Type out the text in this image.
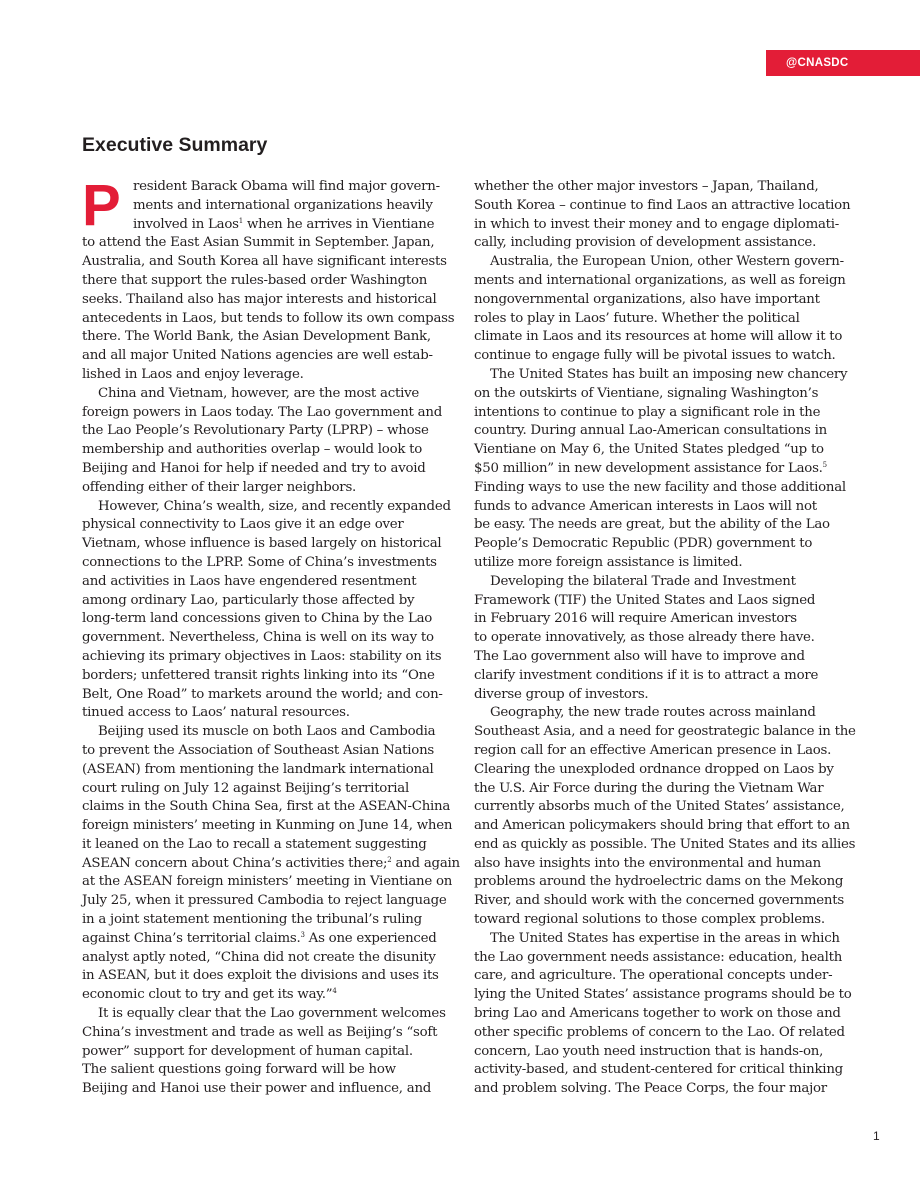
@CNASDC
Executive Summary
P resident Barack Obama will find major govern-
ments and international organizations heavily
involved in Laos$^1$ when he arrives in Vientiane
to attend the East Asian Summit in September. Japan,
Australia, and South Korea all have significant interests
there that support the rules-based order Washington
seeks. Thailand also has major interests and historical
antecedents in Laos, but tends to follow its own compass
there. The World Bank, the Asian Development Bank,
and all major United Nations agencies are well estab-
lished in Laos and enjoy leverage.
China and Vietnam, however, are the most active
foreign powers in Laos today. The Lao government and
the Lao People’s Revolutionary Party (LPRP) – whose
membership and authorities overlap – would look to
Beijing and Hanoi for help if needed and try to avoid
offending either of their larger neighbors.
However, China’s wealth, size, and recently expanded
physical connectivity to Laos give it an edge over
Vietnam, whose influence is based largely on historical
connections to the LPRP. Some of China’s investments
and activities in Laos have engendered resentment
among ordinary Lao, particularly those affected by
long-term land concessions given to China by the Lao
government. Nevertheless, China is well on its way to
achieving its primary objectives in Laos: stability on its
borders; unfettered transit rights linking into its “One
Belt, One Road” to markets around the world; and con-
tinued access to Laos’ natural resources.
Beijing used its muscle on both Laos and Cambodia
to prevent the Association of Southeast Asian Nations
(ASEAN) from mentioning the landmark international
court ruling on July 12 against Beijing’s territorial
claims in the South China Sea, first at the ASEAN-China
foreign ministers’ meeting in Kunming on June 14, when
it leaned on the Lao to recall a statement suggesting
ASEAN concern about China’s activities there;$^2$ and again
at the ASEAN foreign ministers’ meeting in Vientiane on
July 25, when it pressured Cambodia to reject language
in a joint statement mentioning the tribunal’s ruling
against China’s territorial claims.$^3$ As one experienced
analyst aptly noted, “China did not create the disunity
in ASEAN, but it does exploit the divisions and uses its
economic clout to try and get its way.”$^4$
It is equally clear that the Lao government welcomes
China’s investment and trade as well as Beijing’s “soft
power” support for development of human capital.
The salient questions going forward will be how
Beijing and Hanoi use their power and influence, and
whether the other major investors – Japan, Thailand,
South Korea – continue to find Laos an attractive location
in which to invest their money and to engage diplomati-
cally, including provision of development assistance.
Australia, the European Union, other Western govern-
ments and international organizations, as well as foreign
nongovernmental organizations, also have important
roles to play in Laos’ future. Whether the political
climate in Laos and its resources at home will allow it to
continue to engage fully will be pivotal issues to watch.
The United States has built an imposing new chancery
on the outskirts of Vientiane, signaling Washington’s
intentions to continue to play a significant role in the
country. During annual Lao-American consultations in
Vientiane on May 6, the United States pledged “up to
$50 million” in new development assistance for Laos.$^5$
Finding ways to use the new facility and those additional
funds to advance American interests in Laos will not
be easy. The needs are great, but the ability of the Lao
People’s Democratic Republic (PDR) government to
utilize more foreign assistance is limited.
Developing the bilateral Trade and Investment
Framework (TIF) the United States and Laos signed
in February 2016 will require American investors
to operate innovatively, as those already there have.
The Lao government also will have to improve and
clarify investment conditions if it is to attract a more
diverse group of investors.
Geography, the new trade routes across mainland
Southeast Asia, and a need for geostrategic balance in the
region call for an effective American presence in Laos.
Clearing the unexploded ordnance dropped on Laos by
the U.S. Air Force during the during the Vietnam War
currently absorbs much of the United States’ assistance,
and American policymakers should bring that effort to an
end as quickly as possible. The United States and its allies
also have insights into the environmental and human
problems around the hydroelectric dams on the Mekong
River, and should work with the concerned governments
toward regional solutions to those complex problems.
The United States has expertise in the areas in which
the Lao government needs assistance: education, health
care, and agriculture. The operational concepts under-
lying the United States’ assistance programs should be to
bring Lao and Americans together to work on those and
other specific problems of concern to the Lao. Of related
concern, Lao youth need instruction that is hands-on,
activity-based, and student-centered for critical thinking
and problem solving. The Peace Corps, the four major
1
